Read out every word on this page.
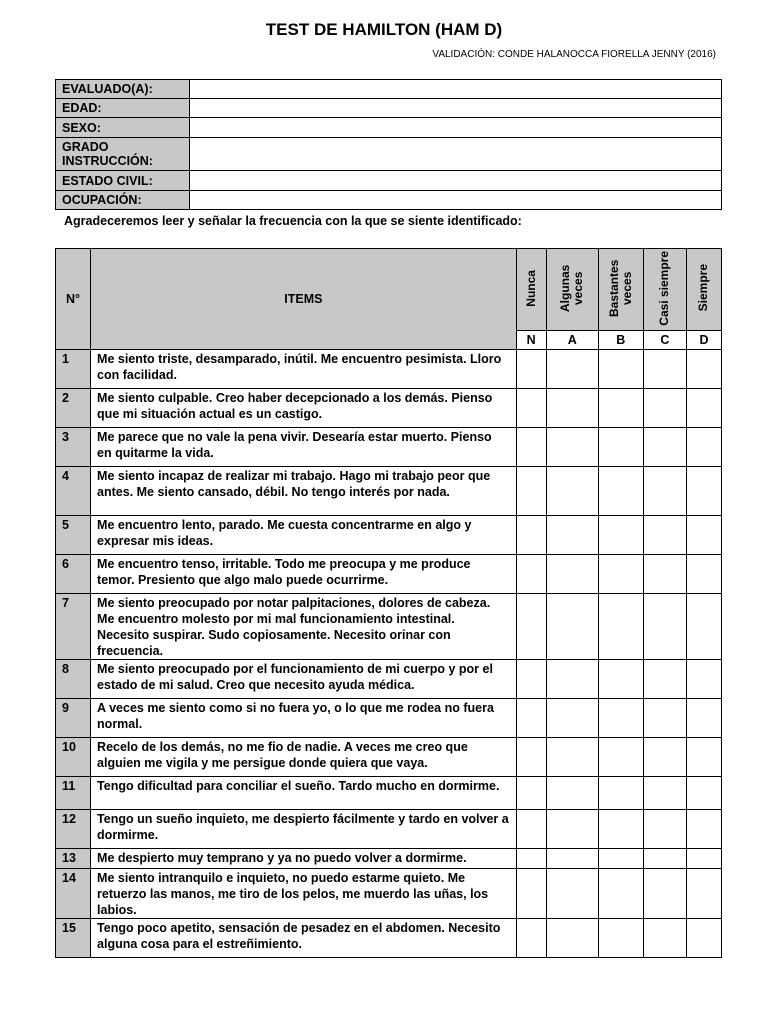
TEST DE HAMILTON (HAM D)
VALIDACIÓN: CONDE HALANOCCA FIORELLA JENNY (2016)
EVALUADO(A):	
EDAD:	
SEXO:	
GRADO INSTRUCCIÓN:	
ESTADO CIVIL:	
OCUPACIÓN:	
Agradeceremos leer y señalar la frecuencia con la que se siente identificado:
N°	ITEMS	Nunca	Algunas veces	Bastantes veces	Casi siempre	Siempre
		N	A	B	C	D
1	Me siento triste, desamparado, inútil. Me encuentro pesimista. Lloro con facilidad.					
2	Me siento culpable. Creo haber decepcionado a los demás. Pienso que mi situación actual es un castigo.					
3	Me parece que no vale la pena vivir. Desearía estar muerto. Pienso en quitarme la vida.					
4	Me siento incapaz de realizar mi trabajo. Hago mi trabajo peor que antes. Me siento cansado, débil. No tengo interés por nada.					
5	Me encuentro lento, parado. Me cuesta concentrarme en algo y expresar mis ideas.					
6	Me encuentro tenso, irritable. Todo me preocupa y me produce temor. Presiento que algo malo puede ocurrirme.					
7	Me siento preocupado por notar palpitaciones, dolores de cabeza. Me encuentro molesto por mi mal funcionamiento intestinal. Necesito suspirar. Sudo copiosamente. Necesito orinar con frecuencia.					
8	Me siento preocupado por el funcionamiento de mi cuerpo y por el estado de mi salud. Creo que necesito ayuda médica.					
9	A veces me siento como si no fuera yo, o lo que me rodea no fuera normal.					
10	Recelo de los demás, no me fio de nadie. A veces me creo que alguien me vigila y me persigue donde quiera que vaya.					
11	Tengo dificultad para conciliar el sueño. Tardo mucho en dormirme.					
12	Tengo un sueño inquieto, me despierto fácilmente y tardo en volver a dormirme.					
13	Me despierto muy temprano y ya no puedo volver a dormirme.					
14	Me siento intranquilo e inquieto, no puedo estarme quieto. Me retuerzo las manos, me tiro de los pelos, me muerdo las uñas, los labios.					
15	Tengo poco apetito, sensación de pesadez en el abdomen. Necesito alguna cosa para el estreñimiento.					
